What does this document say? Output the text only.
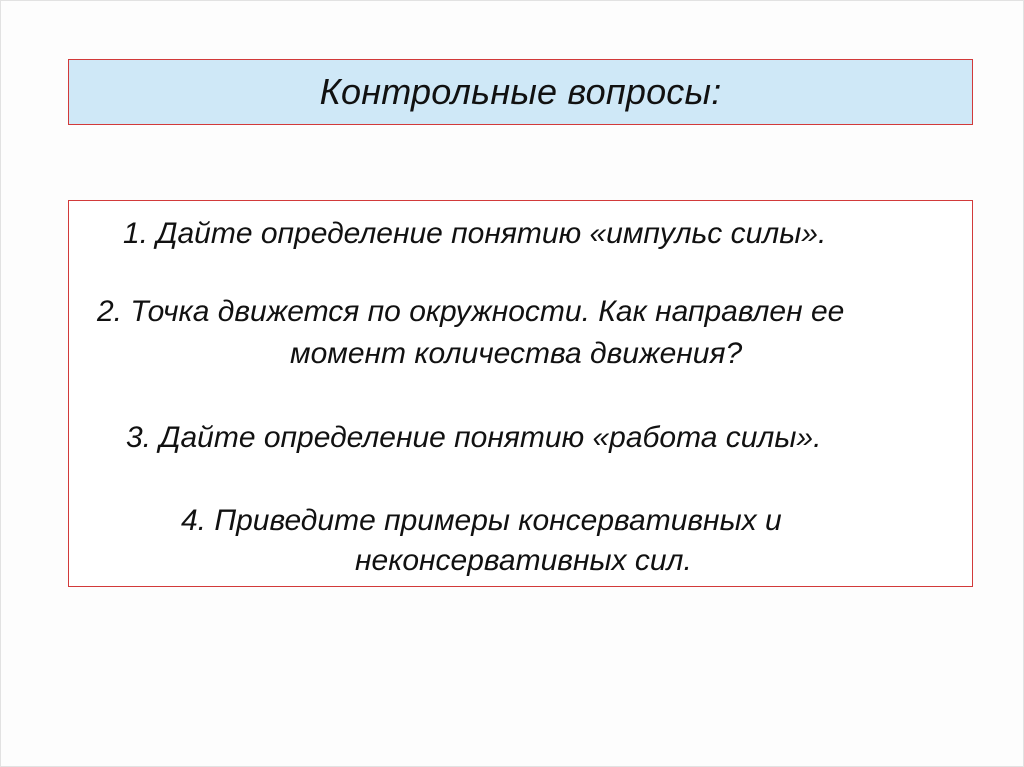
Контрольные вопросы:
1. Дайте определение понятию «импульс силы».
2. Точка движется по окружности. Как направлен ее
момент количества движения?
3. Дайте определение понятию «работа силы».
4. Приведите примеры консервативных и
неконсервативных сил.
